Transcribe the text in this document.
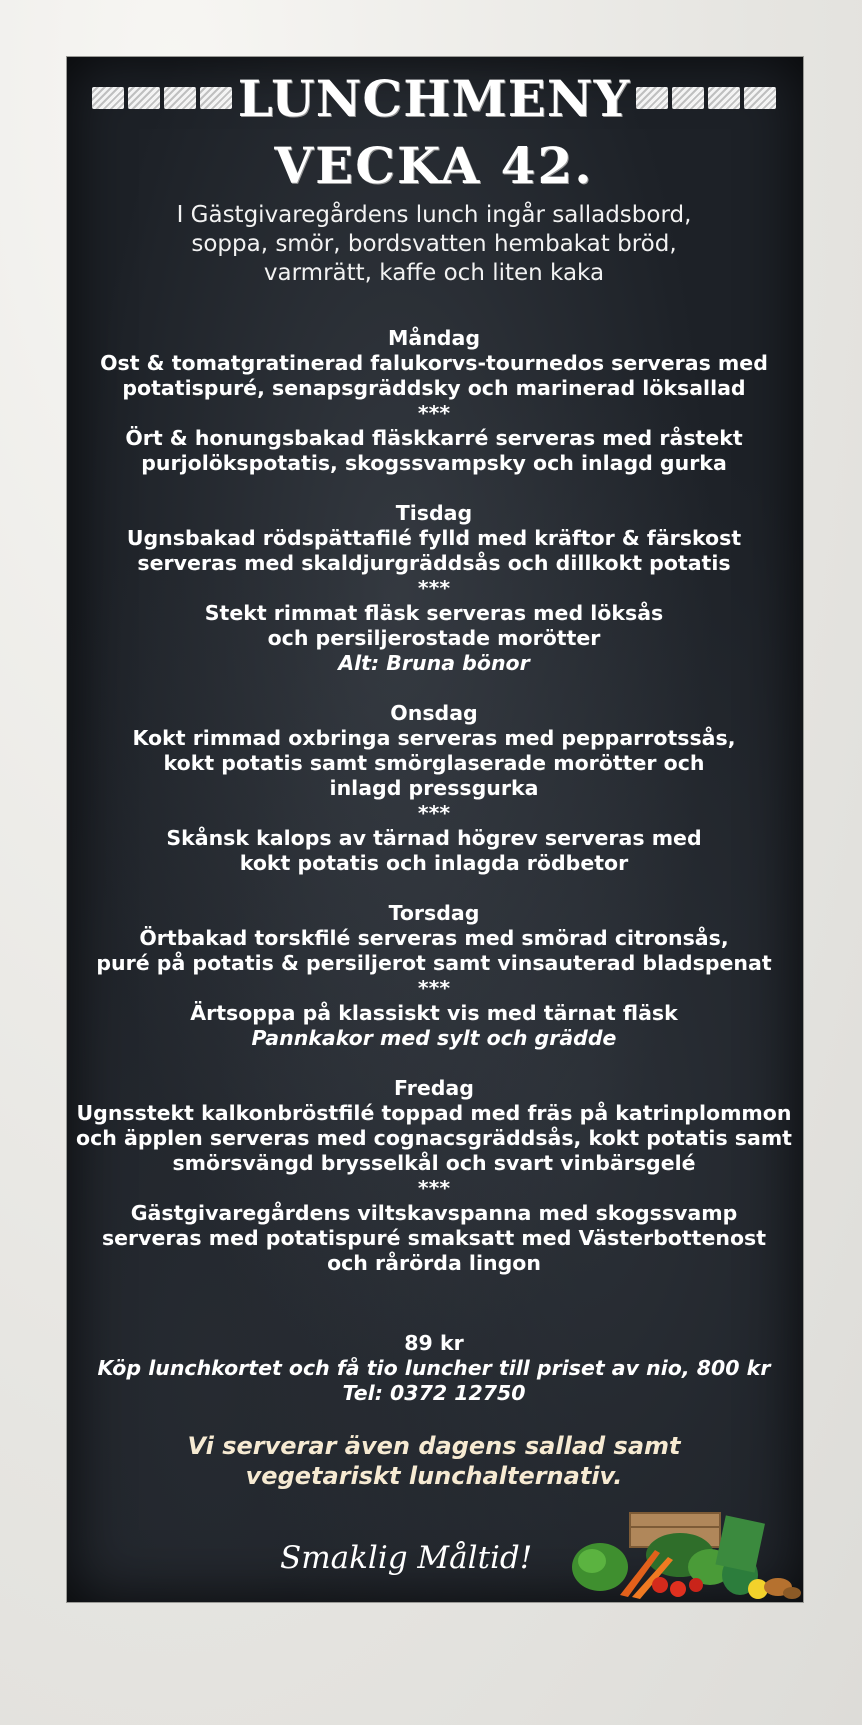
LUNCHMENY
VECKA 42.
I Gästgivaregårdens lunch ingår salladsbord,
soppa, smör, bordsvatten hembakat bröd,
varmrätt, kaffe och liten kaka

Måndag

Ost & tomatgratinerad falukorvs-tournedos serveras med
potatispuré, senapsgräddsky och marinerad löksallad

***

Ört & honungsbakad fläskkarré serveras med råstekt
purjolökspotatis, skogssvampsky och inlagd gurka

Tisdag

Ugnsbakad rödspättafilé fylld med kräftor & färskost
serveras med skaldjurgräddsås och dillkokt potatis

***

Stekt rimmat fläsk serveras med löksås
och persiljerostade morötter

Alt: Bruna bönor

Onsdag

Kokt rimmad oxbringa serveras med pepparrotssås,
kokt potatis samt smörglaserade morötter och
inlagd pressgurka

***

Skånsk kalops av tärnad högrev serveras med
kokt potatis och inlagda rödbetor

Torsdag

Örtbakad torskfilé serveras med smörad citronsås,
puré på potatis & persiljerot samt vinsauterad bladspenat

***

Ärtsoppa på klassiskt vis med tärnat fläsk

Pannkakor med sylt och grädde

Fredag

Ugnsstekt kalkonbröstfilé toppad med fräs på katrinplommon
och äpplen serveras med cognacsgräddsås, kokt potatis samt
smörsvängd brysselkål och svart vinbärsgelé

***

Gästgivaregårdens viltskavspanna med skogssvamp
serveras med potatispuré smaksatt med Västerbottenost
och rårörda lingon

89 kr

Köp lunchkortet och få tio luncher till priset av nio, 800 kr

Tel: 0372 12750

Vi serverar även dagens sallad samt
vegetariskt lunchalternativ.
Smaklig Måltid!
